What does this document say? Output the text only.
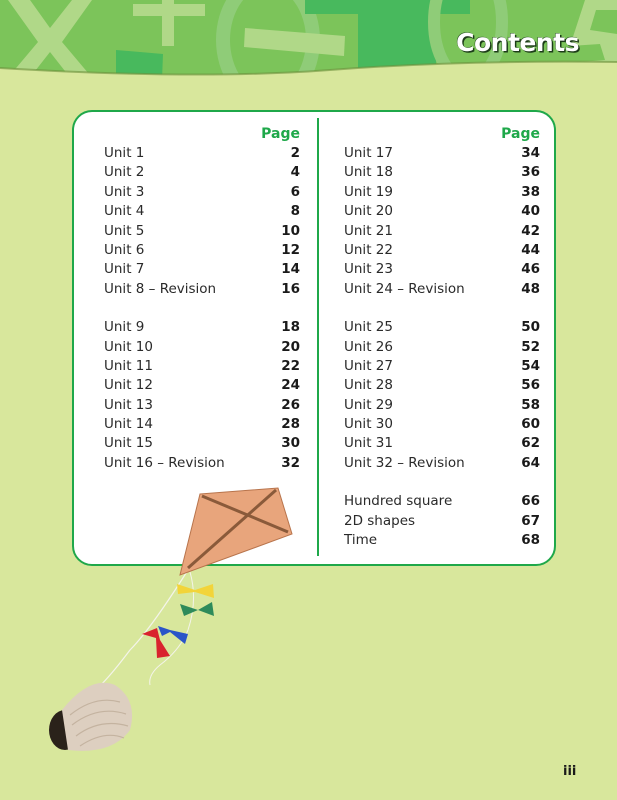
Contents
Page
Unit 1	2
Unit 2	4
Unit 3	6
Unit 4	8
Unit 5	10
Unit 6	12
Unit 7	14
Unit 8 – Revision	16
Unit 9	18
Unit 10	20
Unit 11	22
Unit 12	24
Unit 13	26
Unit 14	28
Unit 15	30
Unit 16 – Revision	32
Page
Unit 17	34
Unit 18	36
Unit 19	38
Unit 20	40
Unit 21	42
Unit 22	44
Unit 23	46
Unit 24 – Revision	48
Unit 25	50
Unit 26	52
Unit 27	54
Unit 28	56
Unit 29	58
Unit 30	60
Unit 31	62
Unit 32 – Revision	64
Hundred square	66
2D shapes	67
Time	68
iii
